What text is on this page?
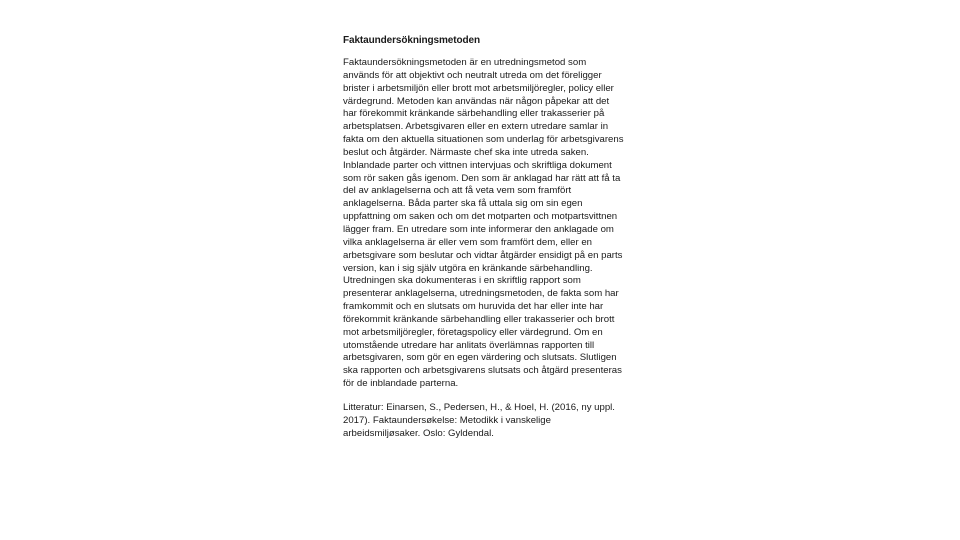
Faktaundersökningsmetoden

Faktaundersökningsmetoden är en utredningsmetod som används för att objektivt och neutralt utreda om det föreligger brister i arbetsmiljön eller brott mot arbetsmiljöregler, policy eller värdegrund. Metoden kan användas när någon påpekar att det har förekommit kränkande särbehandling eller trakasserier på arbetsplatsen. Arbetsgivaren eller en extern utredare samlar in fakta om den aktuella situationen som underlag för arbetsgivarens beslut och åtgärder. Närmaste chef ska inte utreda saken. Inblandade parter och vittnen intervjuas och skriftliga dokument som rör saken gås igenom. Den som är anklagad har rätt att få ta del av anklagelserna och att få veta vem som framfört anklagelserna. Båda parter ska få uttala sig om sin egen uppfattning om saken och om det motparten och motpartsvittnen lägger fram. En utredare som inte informerar den anklagade om vilka anklagelserna är eller vem som framfört dem, eller en arbetsgivare som beslutar och vidtar åtgärder ensidigt på en parts version, kan i sig själv utgöra en kränkande särbehandling. Utredningen ska dokumenteras i en skriftlig rapport som presenterar anklagelserna, utredningsmetoden, de fakta som har framkommit och en slutsats om huruvida det har eller inte har förekommit kränkande särbehandling eller trakasserier och brott mot arbetsmiljöregler, företagspolicy eller värdegrund. Om en utomstående utredare har anlitats överlämnas rapporten till arbetsgivaren, som gör en egen värdering och slutsats. Slutligen ska rapporten och arbetsgivarens slutsats och åtgärd presenteras för de inblandade parterna.

Litteratur: Einarsen, S., Pedersen, H., & Hoel, H. (2016, ny uppl. 2017). Faktaundersøkelse: Metodikk i vanskelige arbeidsmiljøsaker. Oslo: Gyldendal.
